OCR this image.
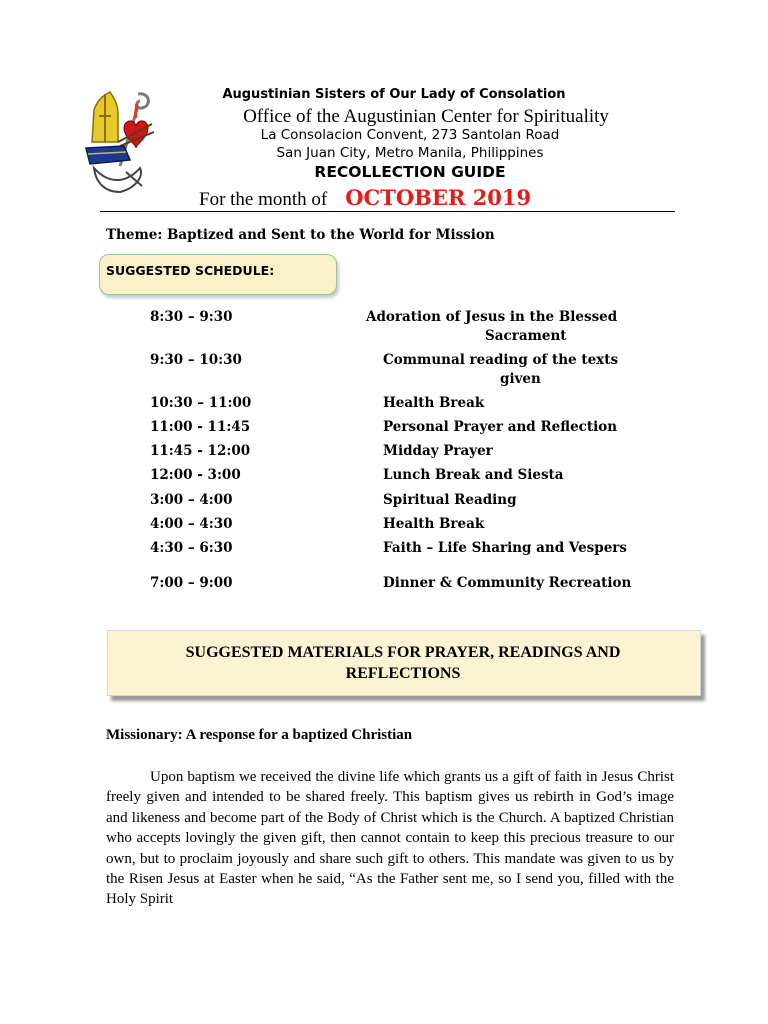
Augustinian Sisters of Our Lady of Consolation
Office of the Augustinian Center for Spirituality
La Consolacion Convent, 273 Santolan Road
San Juan City, Metro Manila, Philippines
RECOLLECTION GUIDE
For the month of OCTOBER 2019
Theme: Baptized and Sent to the World for Mission
SUGGESTED SCHEDULE:
8:30 – 9:30	Adoration of Jesus in the Blessed
Sacrament
9:30 – 10:30	Communal reading of the texts
given
10:30 – 11:00	Health Break
11:00 - 11:45	Personal Prayer and Reflection
11:45 - 12:00	Midday Prayer
12:00 - 3:00	Lunch Break and Siesta
3:00 – 4:00	Spiritual Reading
4:00 – 4:30	Health Break
4:30 – 6:30	Faith – Life Sharing and Vespers
7:00 – 9:00	Dinner & Community Recreation
SUGGESTED MATERIALS FOR PRAYER, READINGS AND
REFLECTIONS
Missionary: A response for a baptized Christian
Upon baptism we received the divine life which grants us a gift of faith in Jesus Christ freely given and intended to be shared freely. This baptism gives us rebirth in God’s image and likeness and become part of the Body of Christ which is the Church. A baptized Christian who accepts lovingly the given gift, then cannot contain to keep this precious treasure to our own, but to proclaim joyously and share such gift to others. This mandate was given to us by the Risen Jesus at Easter when he said, “As the Father sent me, so I send you, filled with the Holy Spirit
